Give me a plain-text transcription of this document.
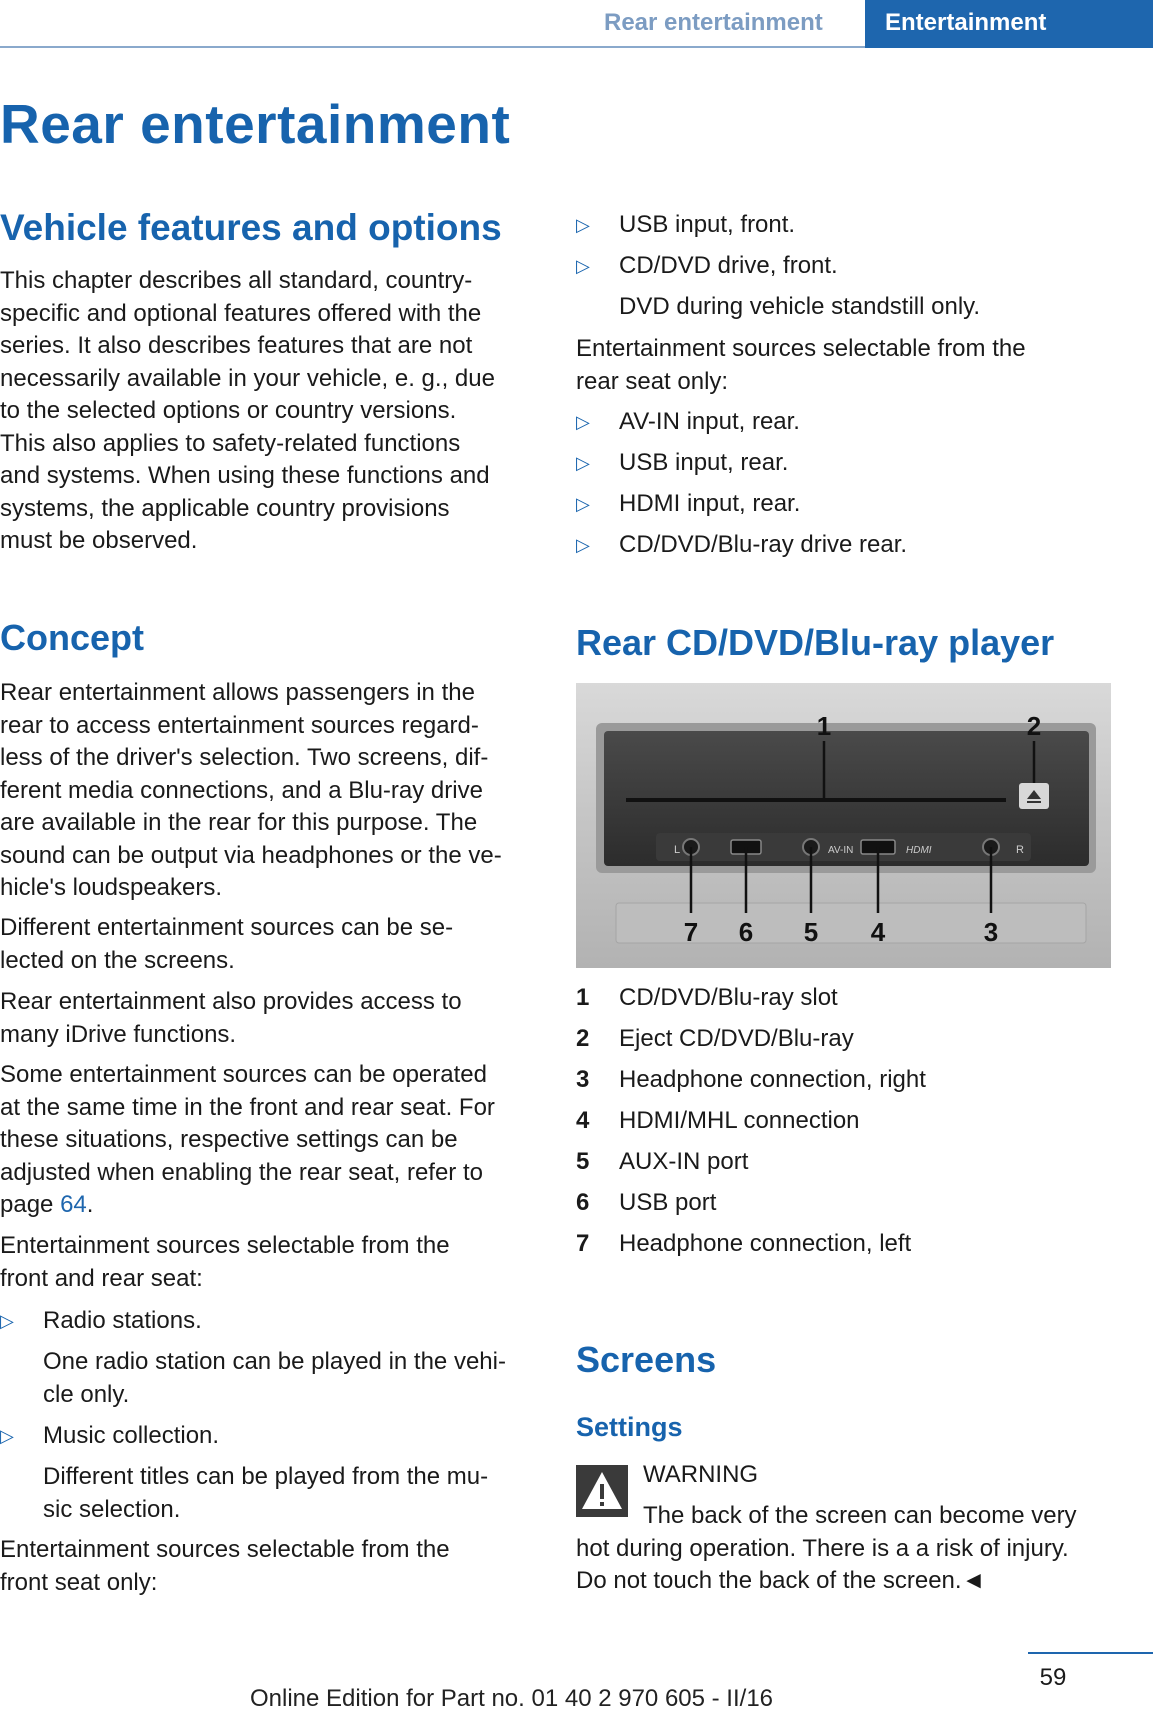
Rear entertainment	Entertainment
Rear entertainment
Vehicle features and options
This chapter describes all standard, country‐
specific and optional features offered with the
series. It also describes features that are not
necessarily available in your vehicle, e. g., due
to the selected options or country versions.
This also applies to safety-related functions
and systems. When using these functions and
systems, the applicable country provisions
must be observed.
Concept
Rear entertainment allows passengers in the
rear to access entertainment sources regard‐
less of the driver's selection. Two screens, dif‐
ferent media connections, and a Blu-ray drive
are available in the rear for this purpose. The
sound can be output via headphones or the ve‐
hicle's loudspeakers.
Different entertainment sources can be se‐
lected on the screens.
Rear entertainment also provides access to
many iDrive functions.
Some entertainment sources can be operated
at the same time in the front and rear seat. For
these situations, respective settings can be
adjusted when enabling the rear seat, refer to
page 64.
Entertainment sources selectable from the
front and rear seat:
▷ Radio stations.
One radio station can be played in the vehi‐
cle only.
▷ Music collection.
Different titles can be played from the mu‐
sic selection.
Entertainment sources selectable from the
front seat only:
▷ USB input, front.
▷ CD/DVD drive, front.
DVD during vehicle standstill only.
Entertainment sources selectable from the
rear seat only:
▷ AV-IN input, rear.
▷ USB input, rear.
▷ HDMI input, rear.
▷ CD/DVD/Blu-ray drive rear.
Rear CD/DVD/Blu-ray player
L	AV-IN	HDMI	R
1	2
3
4
5
6
7
1 CD/DVD/Blu-ray slot
2 Eject CD/DVD/Blu-ray
3 Headphone connection, right
4 HDMI/MHL connection
5 AUX-IN port
6 USB port
7 Headphone connection, left
Screens
Settings
WARNING
The back of the screen can become very
hot during operation. There is a a risk of injury.
Do not touch the back of the screen.◄
59
Online Edition for Part no. 01 40 2 970 605 - II/16
